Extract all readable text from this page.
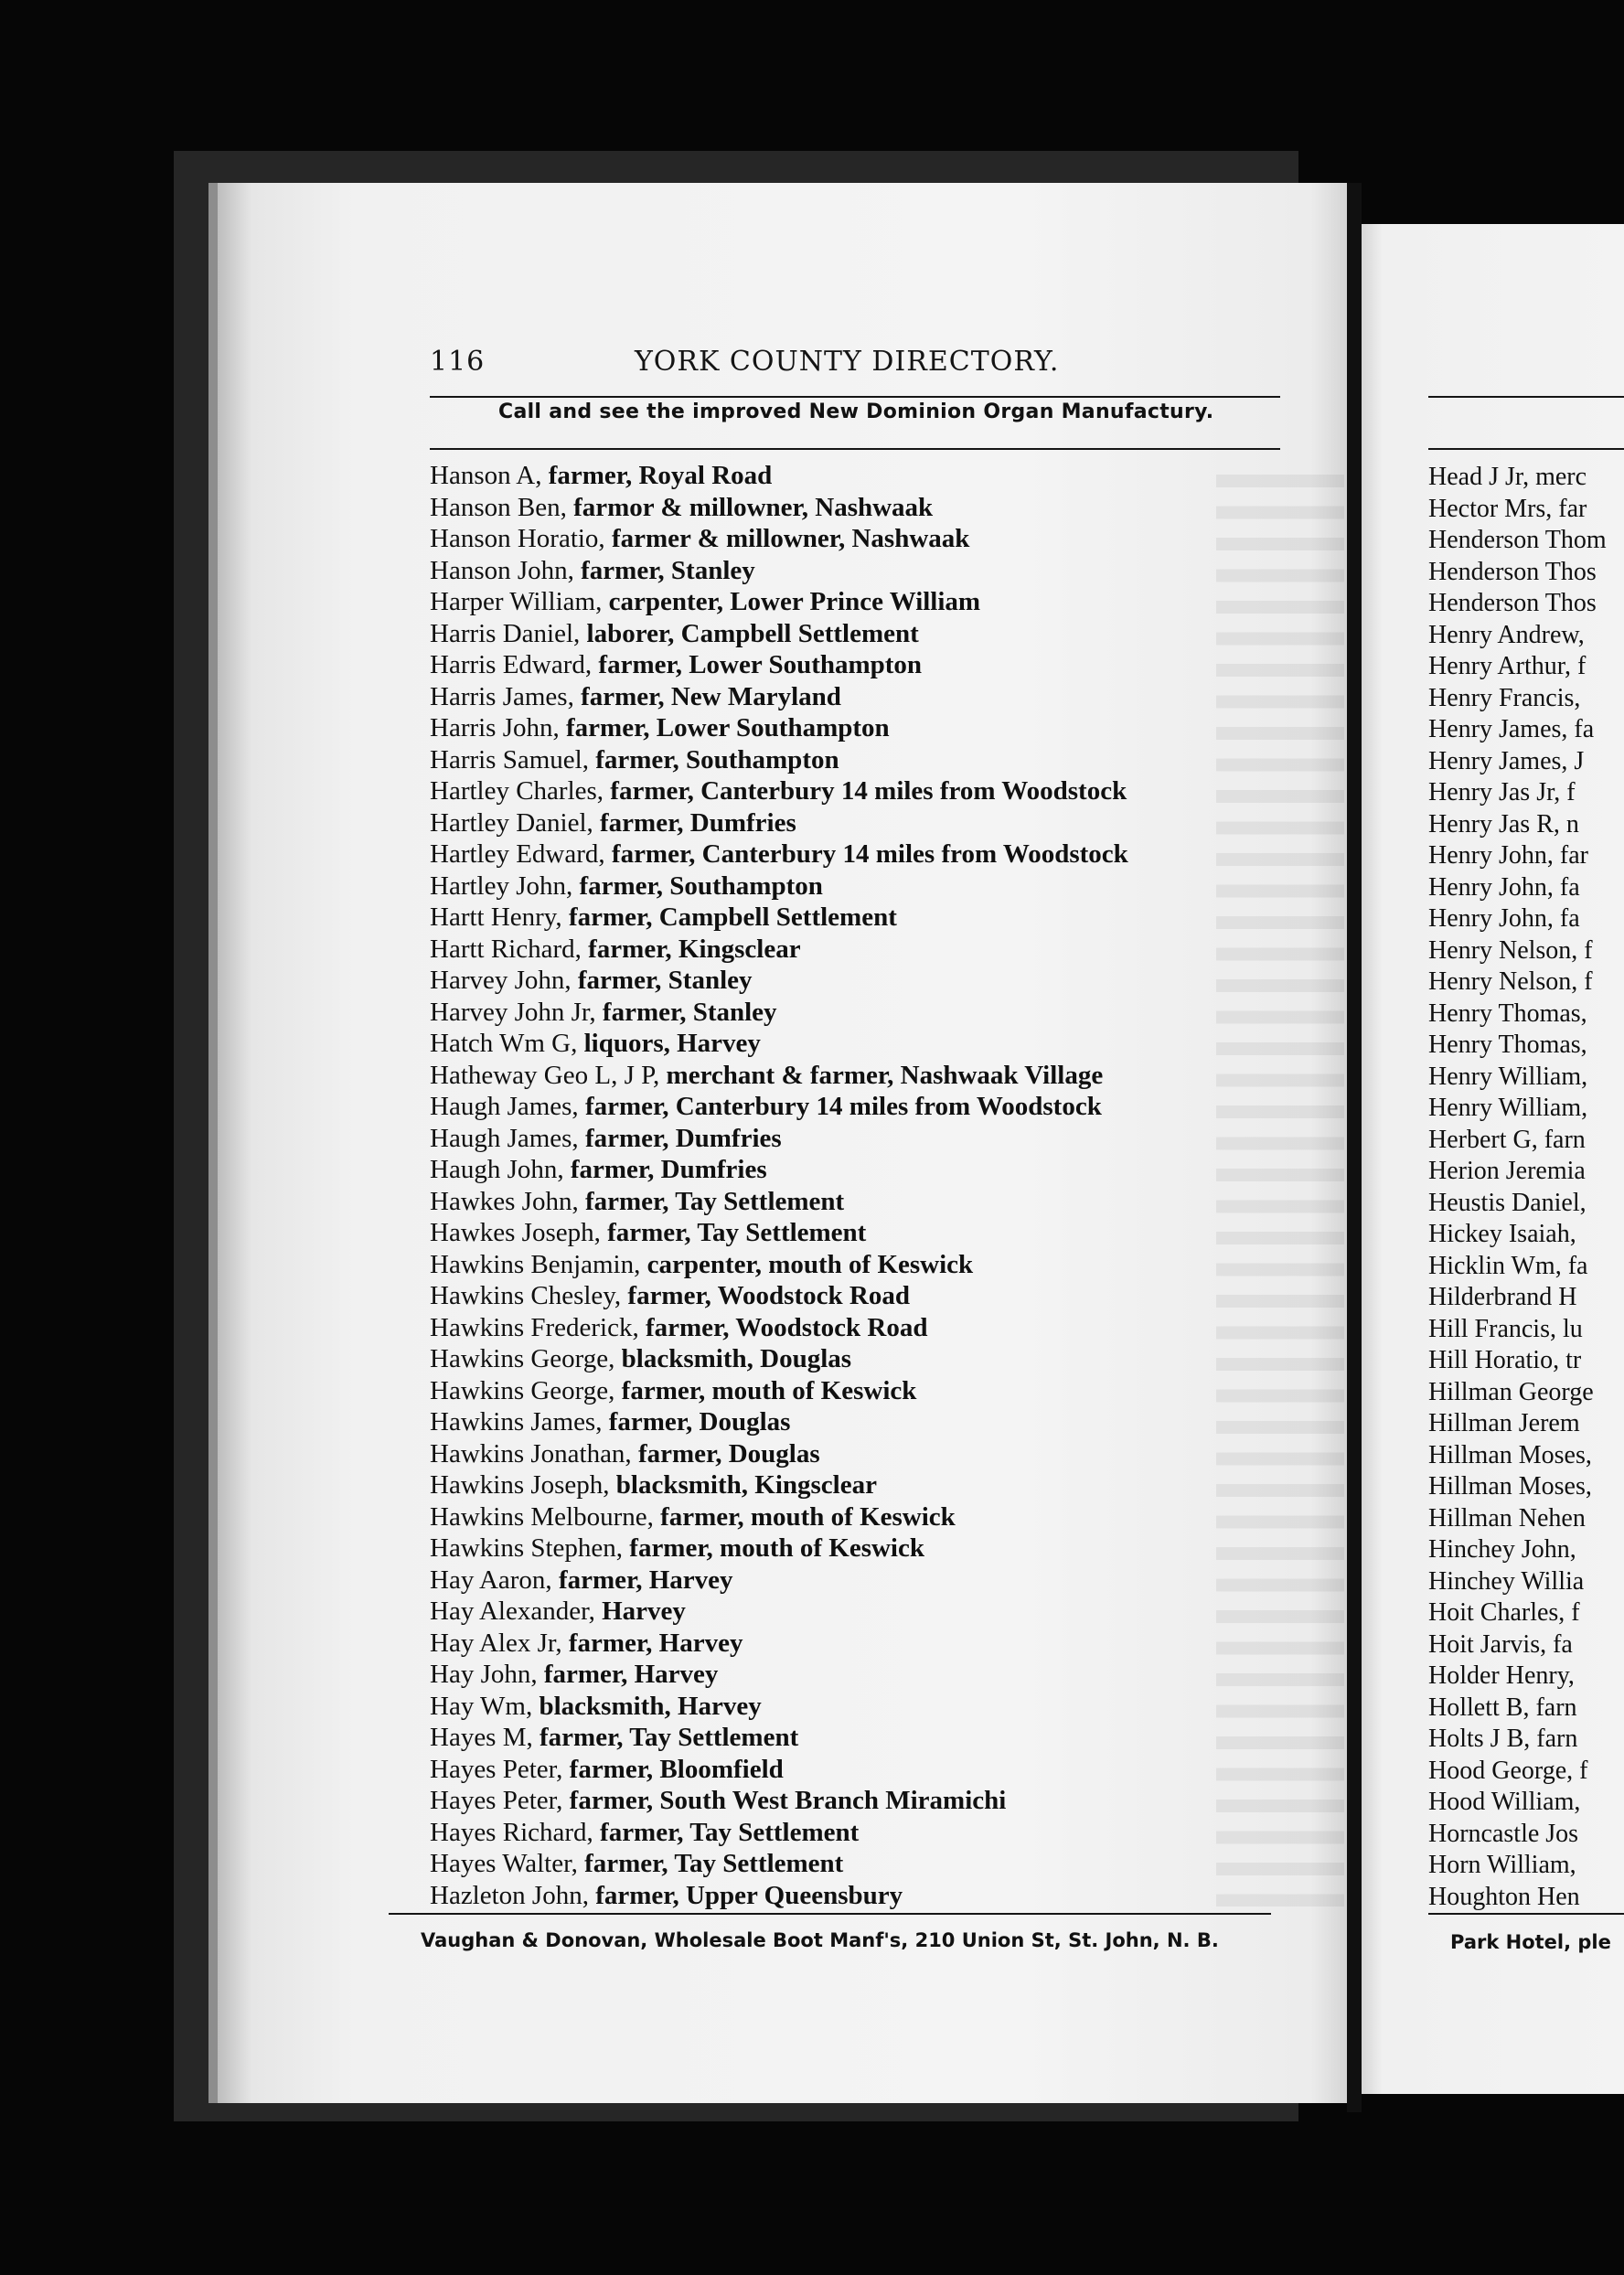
116	YORK COUNTY DIRECTORY.
Call and see the improved New Dominion Organ Manufactury.
Hanson A, farmer, Royal Road
Hanson Ben, farmor & millowner, Nashwaak
Hanson Horatio, farmer & millowner, Nashwaak
Hanson John, farmer, Stanley
Harper William, carpenter, Lower Prince William
Harris Daniel, laborer, Campbell Settlement
Harris Edward, farmer, Lower Southampton
Harris James, farmer, New Maryland
Harris John, farmer, Lower Southampton
Harris Samuel, farmer, Southampton
Hartley Charles, farmer, Canterbury 14 miles from Woodstock
Hartley Daniel, farmer, Dumfries
Hartley Edward, farmer, Canterbury 14 miles from Woodstock
Hartley John, farmer, Southampton
Hartt Henry, farmer, Campbell Settlement
Hartt Richard, farmer, Kingsclear
Harvey John, farmer, Stanley
Harvey John Jr, farmer, Stanley
Hatch Wm G, liquors, Harvey
Hatheway Geo L, J P, merchant & farmer, Nashwaak Village
Haugh James, farmer, Canterbury 14 miles from Woodstock
Haugh James, farmer, Dumfries
Haugh John, farmer, Dumfries
Hawkes John, farmer, Tay Settlement
Hawkes Joseph, farmer, Tay Settlement
Hawkins Benjamin, carpenter, mouth of Keswick
Hawkins Chesley, farmer, Woodstock Road
Hawkins Frederick, farmer, Woodstock Road
Hawkins George, blacksmith, Douglas
Hawkins George, farmer, mouth of Keswick
Hawkins James, farmer, Douglas
Hawkins Jonathan, farmer, Douglas
Hawkins Joseph, blacksmith, Kingsclear
Hawkins Melbourne, farmer, mouth of Keswick
Hawkins Stephen, farmer, mouth of Keswick
Hay Aaron, farmer, Harvey
Hay Alexander, Harvey
Hay Alex Jr, farmer, Harvey
Hay John, farmer, Harvey
Hay Wm, blacksmith, Harvey
Hayes M, farmer, Tay Settlement
Hayes Peter, farmer, Bloomfield
Hayes Peter, farmer, South West Branch Miramichi
Hayes Richard, farmer, Tay Settlement
Hayes Walter, farmer, Tay Settlement
Hazleton John, farmer, Upper Queensbury
Vaughan & Donovan, Wholesale Boot Manf's, 210 Union St, St. John, N. B.
Head J Jr, merc
Hector Mrs, far
Henderson Thom
Henderson Thos
Henderson Thos
Henry Andrew,
Henry Arthur, f
Henry Francis,
Henry James, fa
Henry James, J
Henry Jas Jr, f
Henry Jas R, n
Henry John, far
Henry John, fa
Henry John, fa
Henry Nelson, f
Henry Nelson, f
Henry Thomas,
Henry Thomas,
Henry William,
Henry William,
Herbert G, farn
Herion Jeremia
Heustis Daniel,
Hickey Isaiah,
Hicklin Wm, fa
Hilderbrand H
Hill Francis, lu
Hill Horatio, tr
Hillman George
Hillman Jerem
Hillman Moses,
Hillman Moses,
Hillman Nehen
Hinchey John,
Hinchey Willia
Hoit Charles, f
Hoit Jarvis, fa
Holder Henry,
Hollett B, farn
Holts J B, farn
Hood George, f
Hood William,
Horncastle Jos
Horn William,
Houghton Hen
Park Hotel, ple
